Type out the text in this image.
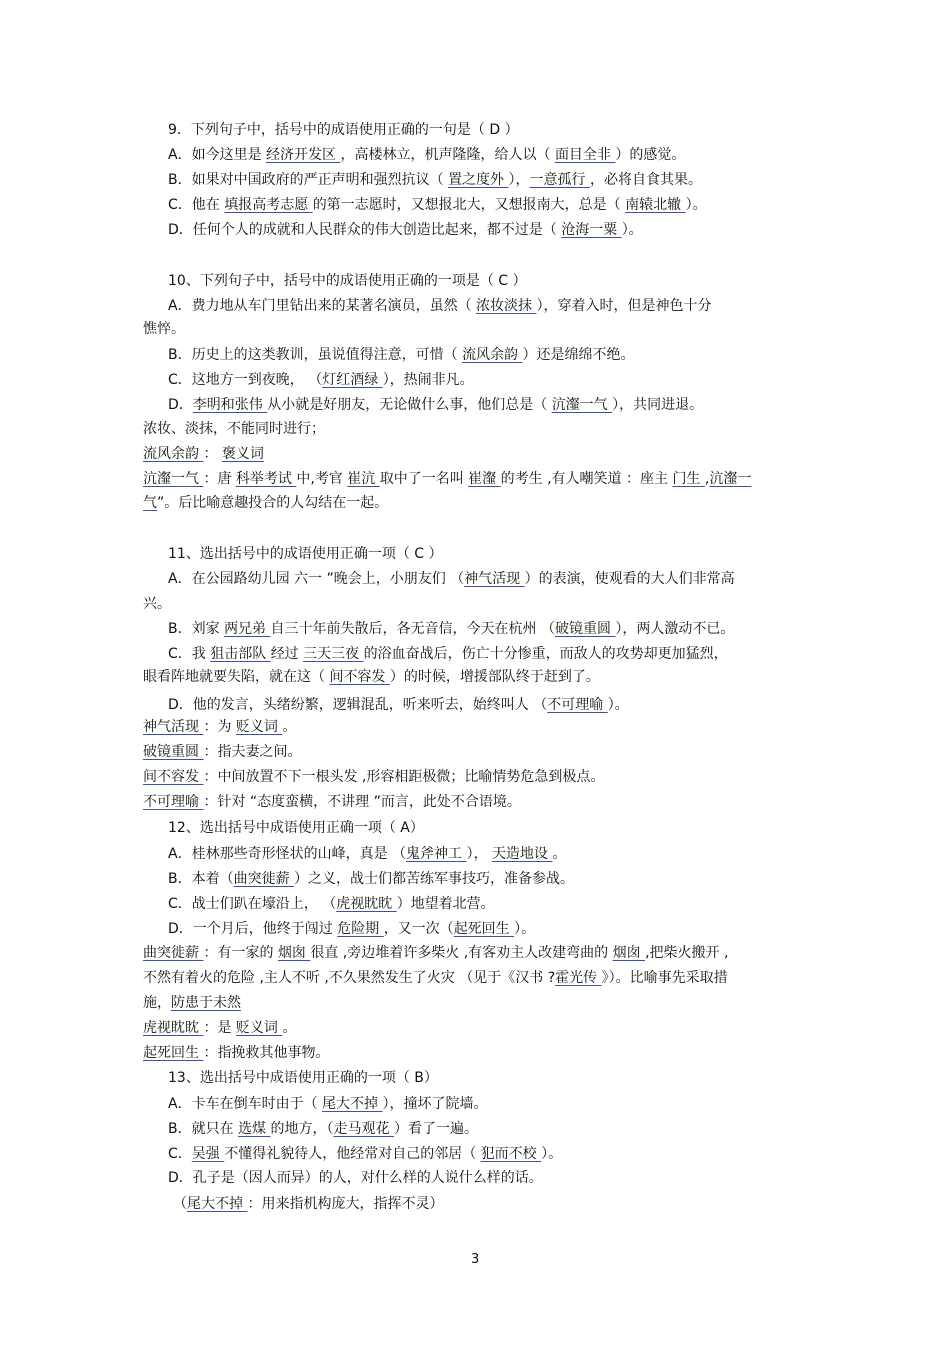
9．下列句子中，括号中的成语使用正确的一句是（ D ）
A．如今这里是 经济开发区 ，高楼林立，机声隆隆，给人以（ 面目全非 ）的感觉。
B．如果对中国政府的严正声明和强烈抗议（ 置之度外 ），一意孤行 ，必将自食其果。
C．他在 填报高考志愿 的第一志愿时，又想报北大，又想报南大，总是（ 南辕北辙 ）。
D．任何个人的成就和人民群众的伟大创造比起来，都不过是（ 沧海一粟 ）。
10、下列句子中，括号中的成语使用正确的一项是（ C ）
A．费力地从车门里钻出来的某著名演员，虽然（ 浓妆淡抹 ），穿着入时，但是神色十分
憔悴。
B．历史上的这类教训，虽说值得注意，可惜（ 流风余韵 ）还是绵绵不绝。
C．这地方一到夜晚， （灯红酒绿 ），热闹非凡。
D．李明和张伟 从小就是好朋友，无论做什么事，他们总是（ 沆瀣一气 ），共同进退。
浓妆、淡抹，不能同时进行；
流风余韵 ： 褒义词
沆瀣一气 ：唐 科举考试 中,考官 崔沆 取中了一名叫 崔瀣 的考生 ,有人嘲笑道 ：座主 门生 ,沆瀣一
气”。后比喻意趣投合的人勾结在一起。
11、选出括号中的成语使用正确一项（ C ）
A．在公园路幼儿园 六一 ”晚会上，小朋友们 （神气活现 ）的表演，使观看的大人们非常高
兴。
B．刘家 两兄弟 自三十年前失散后，各无音信，今天在杭州 （破镜重圆 ），两人激动不已。
C．我 狙击部队 经过 三天三夜 的浴血奋战后，伤亡十分惨重，而敌人的攻势却更加猛烈，
眼看阵地就要失陷，就在这（ 间不容发 ）的时候，增援部队终于赶到了。
D．他的发言，头绪纷繁，逻辑混乱，听来听去，始终叫人 （不可理喻 ）。
神气活现 ：为 贬义词 。
破镜重圆 ：指夫妻之间。
间不容发 ：中间放置不下一根头发 ,形容相距极微；比喻情势危急到极点。
不可理喻 ：针对 “态度蛮横，不讲理 ”而言，此处不合语境。
12、选出括号中成语使用正确一项（ A）
A．桂林那些奇形怪状的山峰，真是 （鬼斧神工 ）， 天造地设 。
B．本着（曲突徙薪 ）之义，战士们都苦练军事技巧，准备参战。
C．战士们趴在壕沿上， （虎视眈眈 ）地望着北营。
D．一个月后，他终于闯过 危险期 ，又一次（起死回生 ）。
曲突徙薪 ：有一家的 烟囱 很直 ,旁边堆着许多柴火 ,有客劝主人改建弯曲的 烟囱 ,把柴火搬开 ,
不然有着火的危险 ,主人不听 ,不久果然发生了火灾 （见于《汉书 ?霍光传 》）。比喻事先采取措
施，防患于未然
虎视眈眈 ：是 贬义词 。
起死回生 ：指挽救其他事物。
13、选出括号中成语使用正确的一项（ B）
A．卡车在倒车时由于（ 尾大不掉 ），撞坏了院墙。
B．就只在 选煤 的地方，（走马观花 ）看了一遍。
C．吴强 不懂得礼貌待人，他经常对自己的邻居（ 犯而不校 ）。
D．孔子是（因人而异）的人，对什么样的人说什么样的话。
（尾大不掉 ：用来指机构庞大，指挥不灵）
3
